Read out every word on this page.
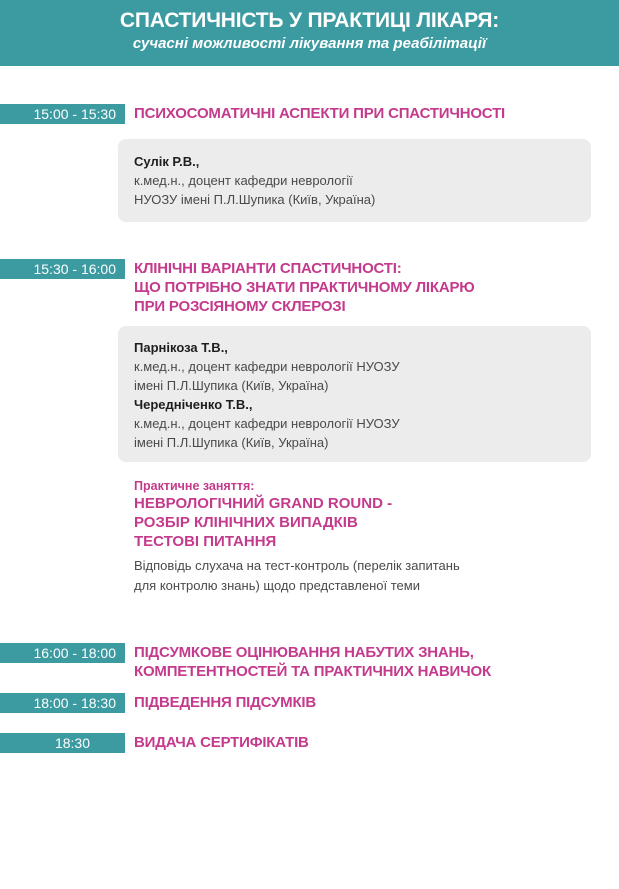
СПАСТИЧНІСТЬ У ПРАКТИЦІ ЛІКАРЯ:
сучасні можливості лікування та реабілітації
15:00 - 15:30	ПСИХОСОМАТИЧНІ АСПЕКТИ ПРИ СПАСТИЧНОСТІ
Сулік Р.В.,
к.мед.н., доцент кафедри неврології
НУОЗУ імені П.Л.Шупика (Київ, Україна)
15:30 - 16:00	КЛІНІЧНІ ВАРІАНТИ СПАСТИЧНОСТІ:
ЩО ПОТРІБНО ЗНАТИ ПРАКТИЧНОМУ ЛІКАРЮ
ПРИ РОЗСІЯНОМУ СКЛЕРОЗІ
Парнікоза Т.В.,
к.мед.н., доцент кафедри неврології НУОЗУ
імені П.Л.Шупика (Київ, Україна)
Чередніченко Т.В.,
к.мед.н., доцент кафедри неврології НУОЗУ
імені П.Л.Шупика (Київ, Україна)
Практичне заняття:
НЕВРОЛОГІЧНИЙ GRAND ROUND -
РОЗБІР КЛІНІЧНИХ ВИПАДКІВ
ТЕСТОВІ ПИТАННЯ
Відповідь слухача на тест-контроль (перелік запитань
для контролю знань) щодо представленої теми
16:00 - 18:00	ПІДСУМКОВЕ ОЦІНЮВАННЯ НАБУТИХ ЗНАНЬ,
КОМПЕТЕНТНОСТЕЙ ТА ПРАКТИЧНИХ НАВИЧОК
18:00 - 18:30	ПІДВЕДЕННЯ ПІДСУМКІВ
18:30	ВИДАЧА СЕРТИФІКАТІВ
